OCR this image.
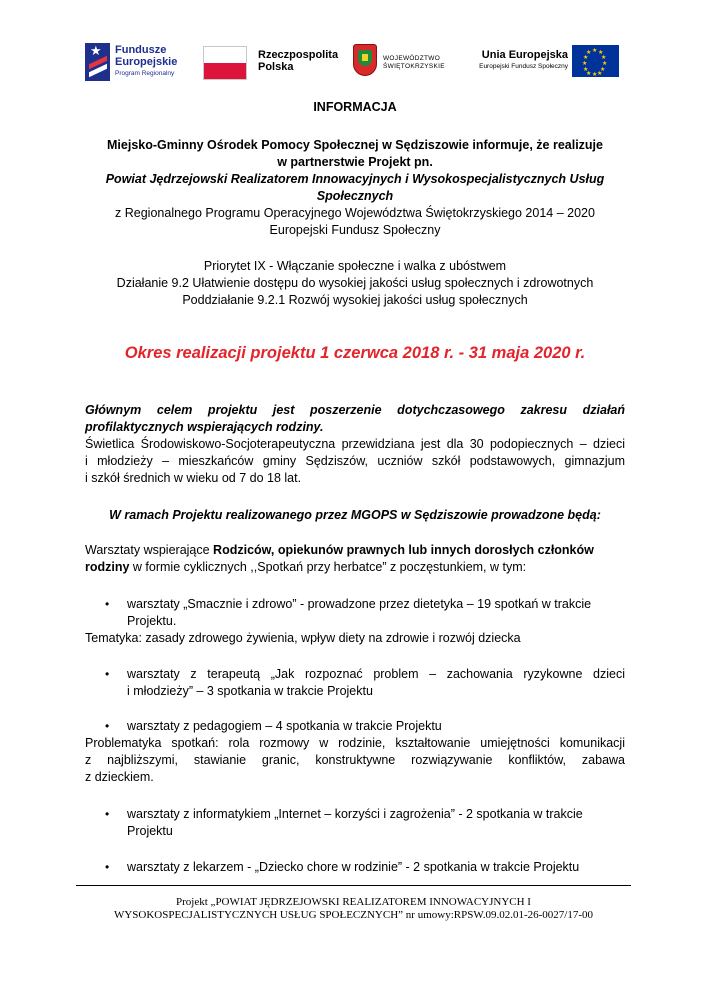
★ Fundusze
Europejskie
Program Regionalny
Rzeczpospolita
Polska
WOJEWÓDZTWO
ŚWIĘTOKRZYSKIE
Unia Europejska
Europejski Fundusz Społeczny
★ ★
★
★
★
★
★
★
★
★
★
★
INFORMACJA
Miejsko-Gminny Ośrodek Pomocy Społecznej w Sędziszowie informuje, że realizuje
w partnerstwie Projekt pn.
Powiat Jędrzejowski Realizatorem Innowacyjnych i Wysokospecjalistycznych Usług
Społecznych
z Regionalnego Programu Operacyjnego Województwa Świętokrzyskiego 2014 – 2020
Europejski Fundusz Społeczny
Priorytet IX - Włączanie społeczne i walka z ubóstwem
Działanie 9.2 Ułatwienie dostępu do wysokiej jakości usług społecznych i zdrowotnych
Poddziałanie 9.2.1 Rozwój wysokiej jakości usług społecznych
Okres realizacji projektu 1 czerwca 2018 r. - 31 maja 2020 r.
Głównym celem projektu jest poszerzenie dotychczasowego zakresu działań
profilaktycznych wspierających rodziny.
Świetlica Środowiskowo-Socjoterapeutyczna przewidziana jest dla 30 podopiecznych – dzieci
i młodzieży – mieszkańców gminy Sędziszów, uczniów szkół podstawowych, gimnazjum
i szkół średnich w wieku od 7 do 18 lat.
W ramach Projektu realizowanego przez MGOPS w Sędziszowie prowadzone będą:
Warsztaty wspierające Rodziców, opiekunów prawnych lub innych dorosłych członków
rodziny w formie cyklicznych ,,Spotkań przy herbatce” z poczęstunkiem, w tym:
•	warsztaty „Smacznie i zdrowo” - prowadzone przez dietetyka – 19 spotkań w trakcie
Projektu.
Tematyka: zasady zdrowego żywienia, wpływ diety na zdrowie i rozwój dziecka
•	warsztaty z terapeutą „Jak rozpoznać problem – zachowania ryzykowne dzieci
i młodzieży” – 3 spotkania w trakcie Projektu
•	warsztaty z pedagogiem – 4 spotkania w trakcie Projektu
Problematyka spotkań: rola rozmowy w rodzinie, kształtowanie umiejętności komunikacji
z najbliższymi, stawianie granic, konstruktywne rozwiązywanie konfliktów, zabawa
z dzieckiem.
•	warsztaty z informatykiem „Internet – korzyści i zagrożenia” - 2 spotkania w trakcie
Projektu
•	warsztaty z lekarzem - „Dziecko chore w rodzinie” - 2 spotkania w trakcie Projektu
Projekt „POWIAT JĘDRZEJOWSKI REALIZATOREM INNOWACYJNYCH I
WYSOKOSPECJALISTYCZNYCH USŁUG SPOŁECZNYCH” nr umowy:RPSW.09.02.01-26-0027/17-00
